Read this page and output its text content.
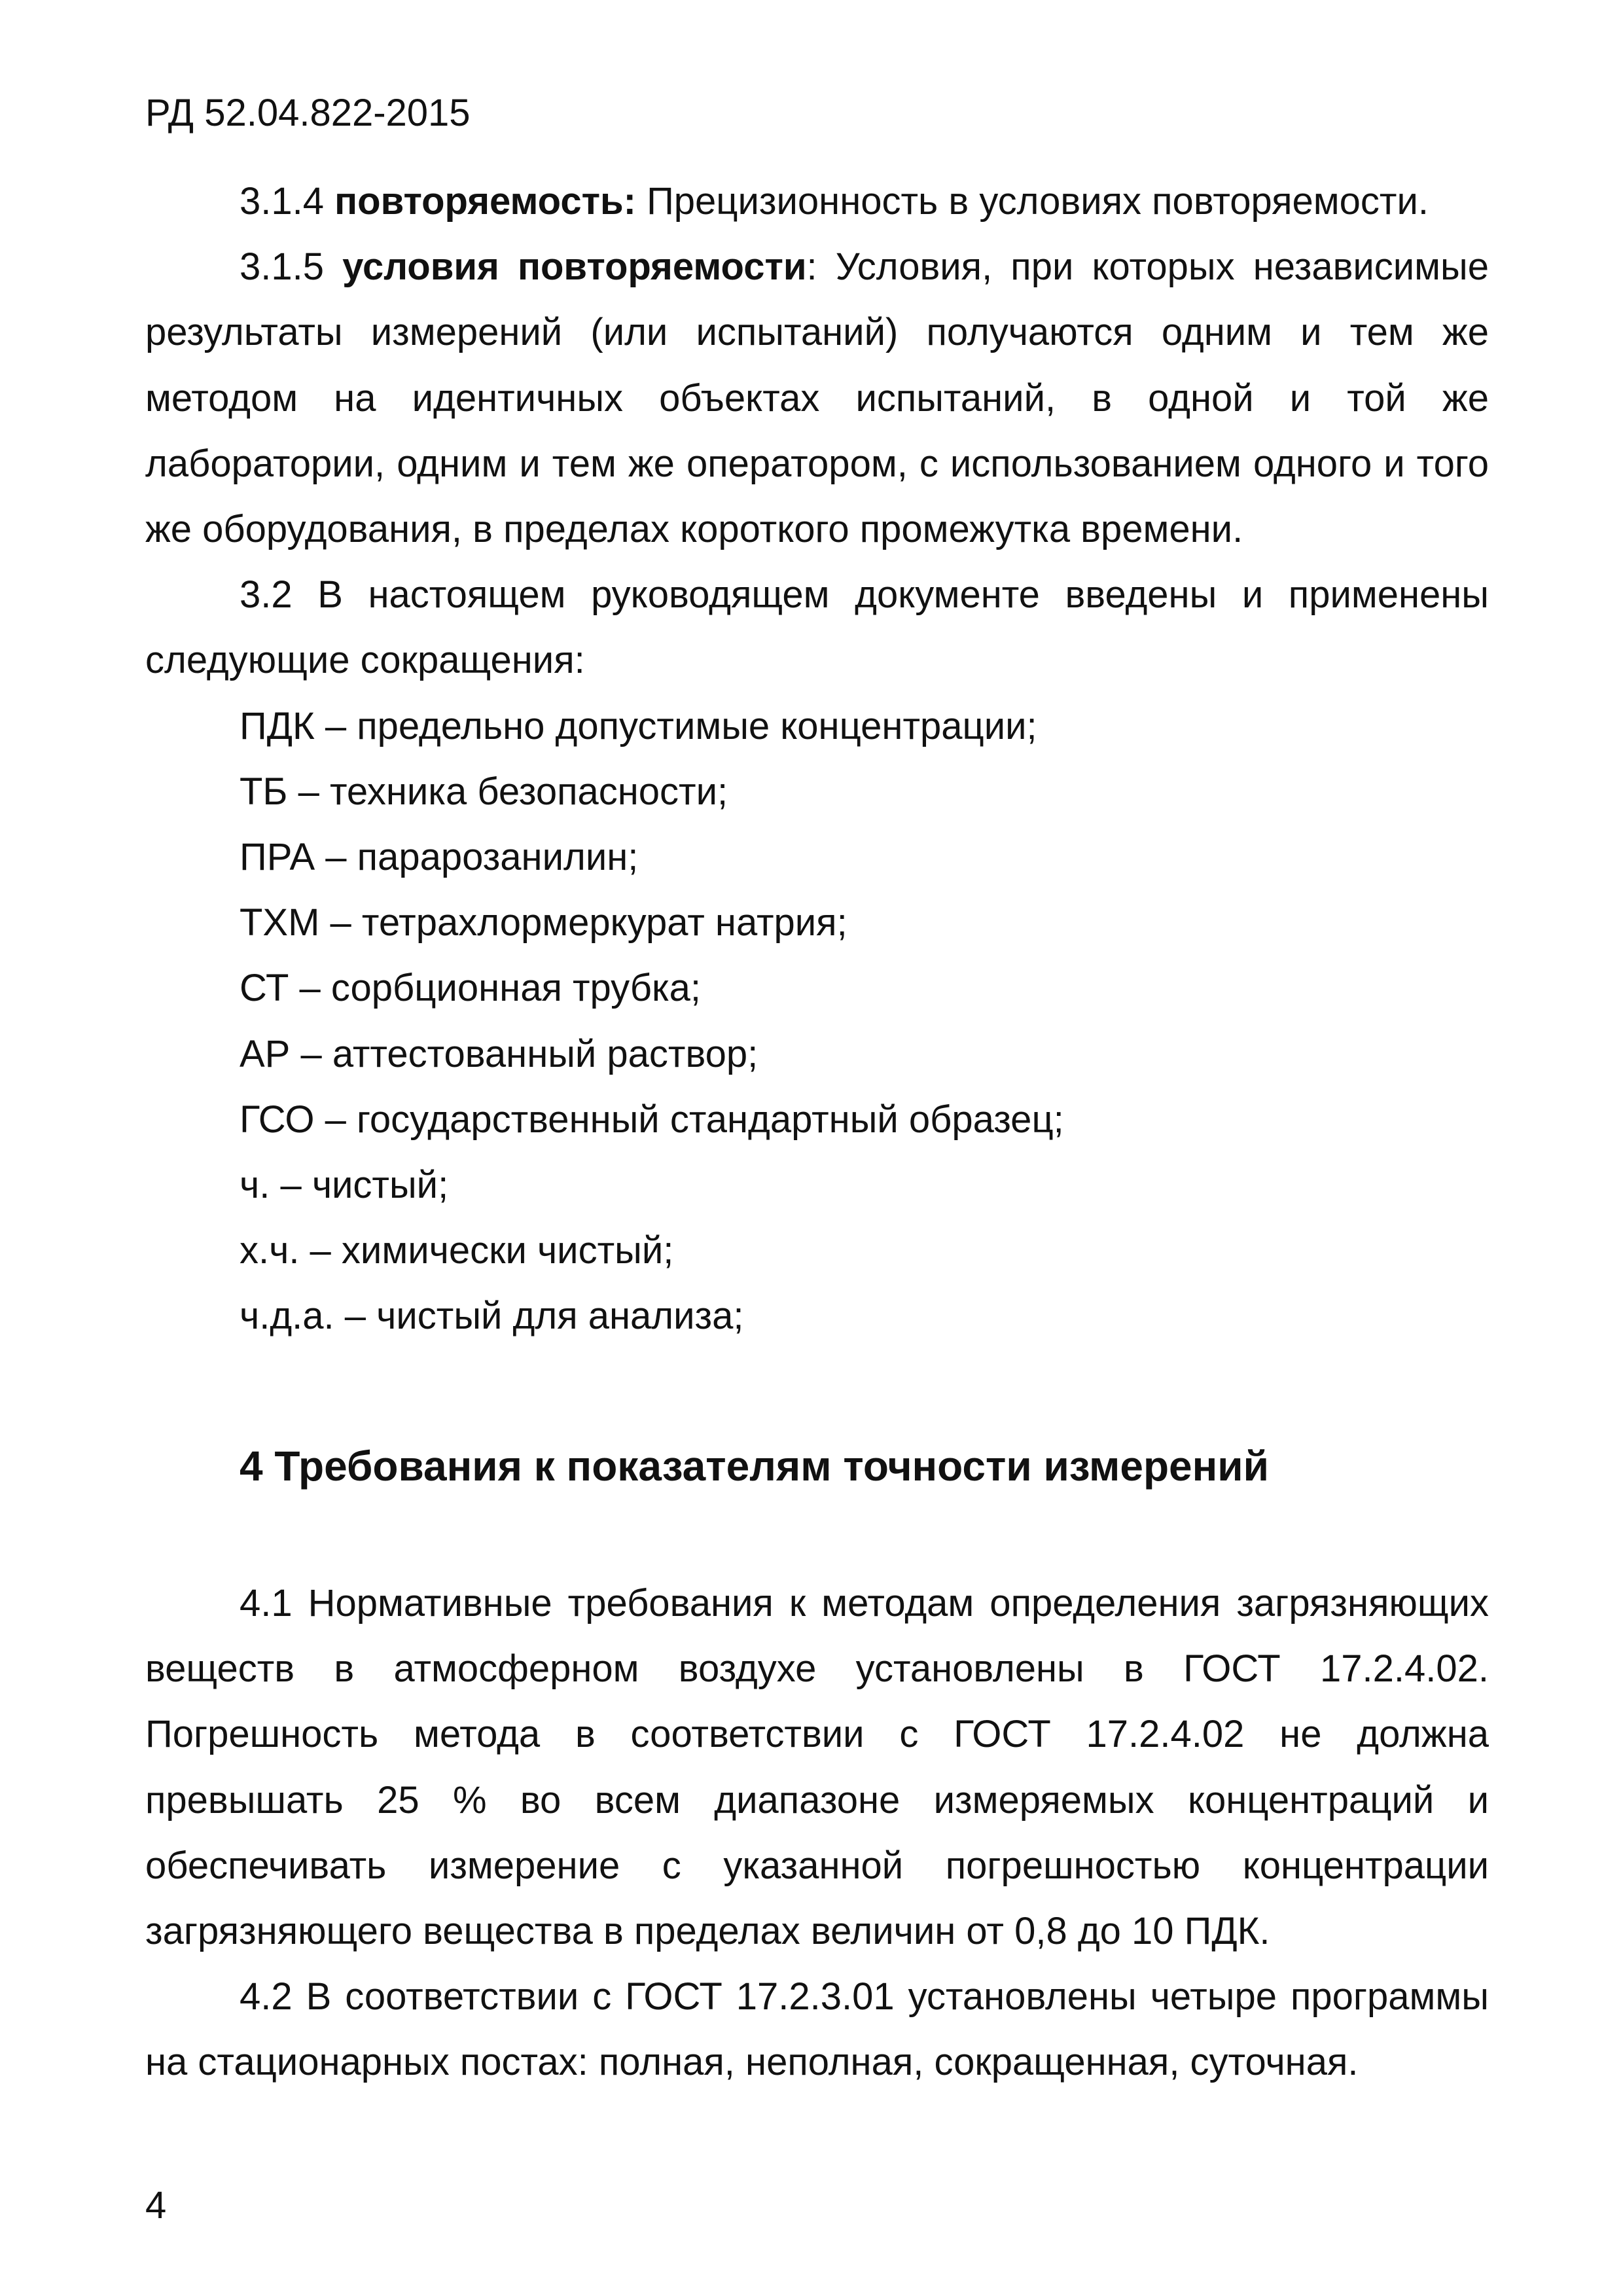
РД 52.04.822-2015

3.1.4 повторяемость: Прецизионность в условиях повторяемости.

3.1.5 условия повторяемости: Условия, при которых независимые результаты измерений (или испытаний) получаются одним и тем же методом на идентичных объектах испытаний, в одной и той же лаборатории, одним и тем же оператором, с использованием одного и того же оборудования, в пределах короткого промежутка времени.

3.2 В настоящем руководящем документе введены и применены следующие сокращения:

ПДК – предельно допустимые концентрации;
ТБ – техника безопасности;
ПРА – парарозанилин;
ТХМ – тетрахлормеркурат натрия;
СТ – сорбционная трубка;
АР – аттестованный раствор;
ГСО – государственный стандартный образец;
ч. – чистый;
х.ч. – химически чистый;
ч.д.а. – чистый для анализа;
4 Требования к показателям точности измерений

4.1 Нормативные требования к методам определения загрязняющих веществ в атмосферном воздухе установлены в ГОСТ 17.2.4.02. Погрешность метода в соответствии с ГОСТ 17.2.4.02 не должна превышать 25 % во всем диапазоне измеряемых концентраций и обеспечивать измерение с указанной погрешностью концентрации загрязняющего вещества в пределах величин от 0,8 до 10 ПДК.

4.2 В соответствии с ГОСТ 17.2.3.01 установлены четыре программы на стационарных постах: полная, неполная, сокращенная, суточная.

4
